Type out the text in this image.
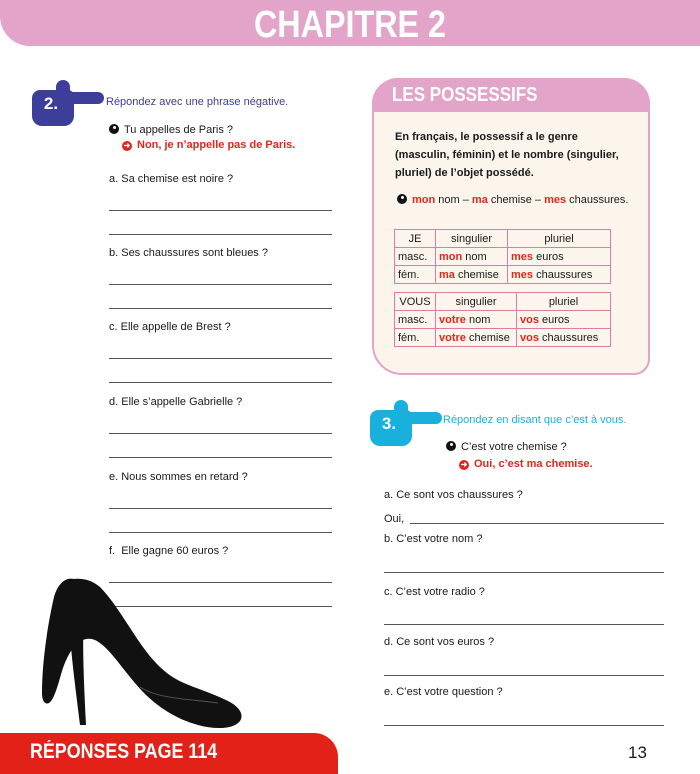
CHAPITRE 2
2.	Répondez avec une phrase négative.
Tu appelles de Paris ?
➜ Non, je n’appelle pas de Paris.
a. Sa chemise est noire ?
b. Ses chaussures sont bleues ?
c. Elle appelle de Brest ?
d. Elle s’appelle Gabrielle ?
e. Nous sommes en retard ?
f.  Elle gagne 60 euros ?
LES POSSESSIFS
En français, le possessif a le genre (masculin, féminin) et le nombre (singulier, pluriel) de l’objet possédé.
mon nom – ma chemise – mes chaussures.
JE	singulier	pluriel
masc.	mon nom	mes euros
fém.	ma chemise	mes chaussures
VOUS	singulier	pluriel
masc.	votre nom	vos euros
fém.	votre chemise	vos chaussures
3.	Répondez en disant que c’est à vous.
C’est votre chemise ?
➜ Oui, c’est ma chemise.
a. Ce sont vos chaussures ?
Oui,
b. C’est votre nom ?
c. C’est votre radio ?
d. Ce sont vos euros ?
e. C’est votre question ?
RÉPONSES PAGE 114	13
